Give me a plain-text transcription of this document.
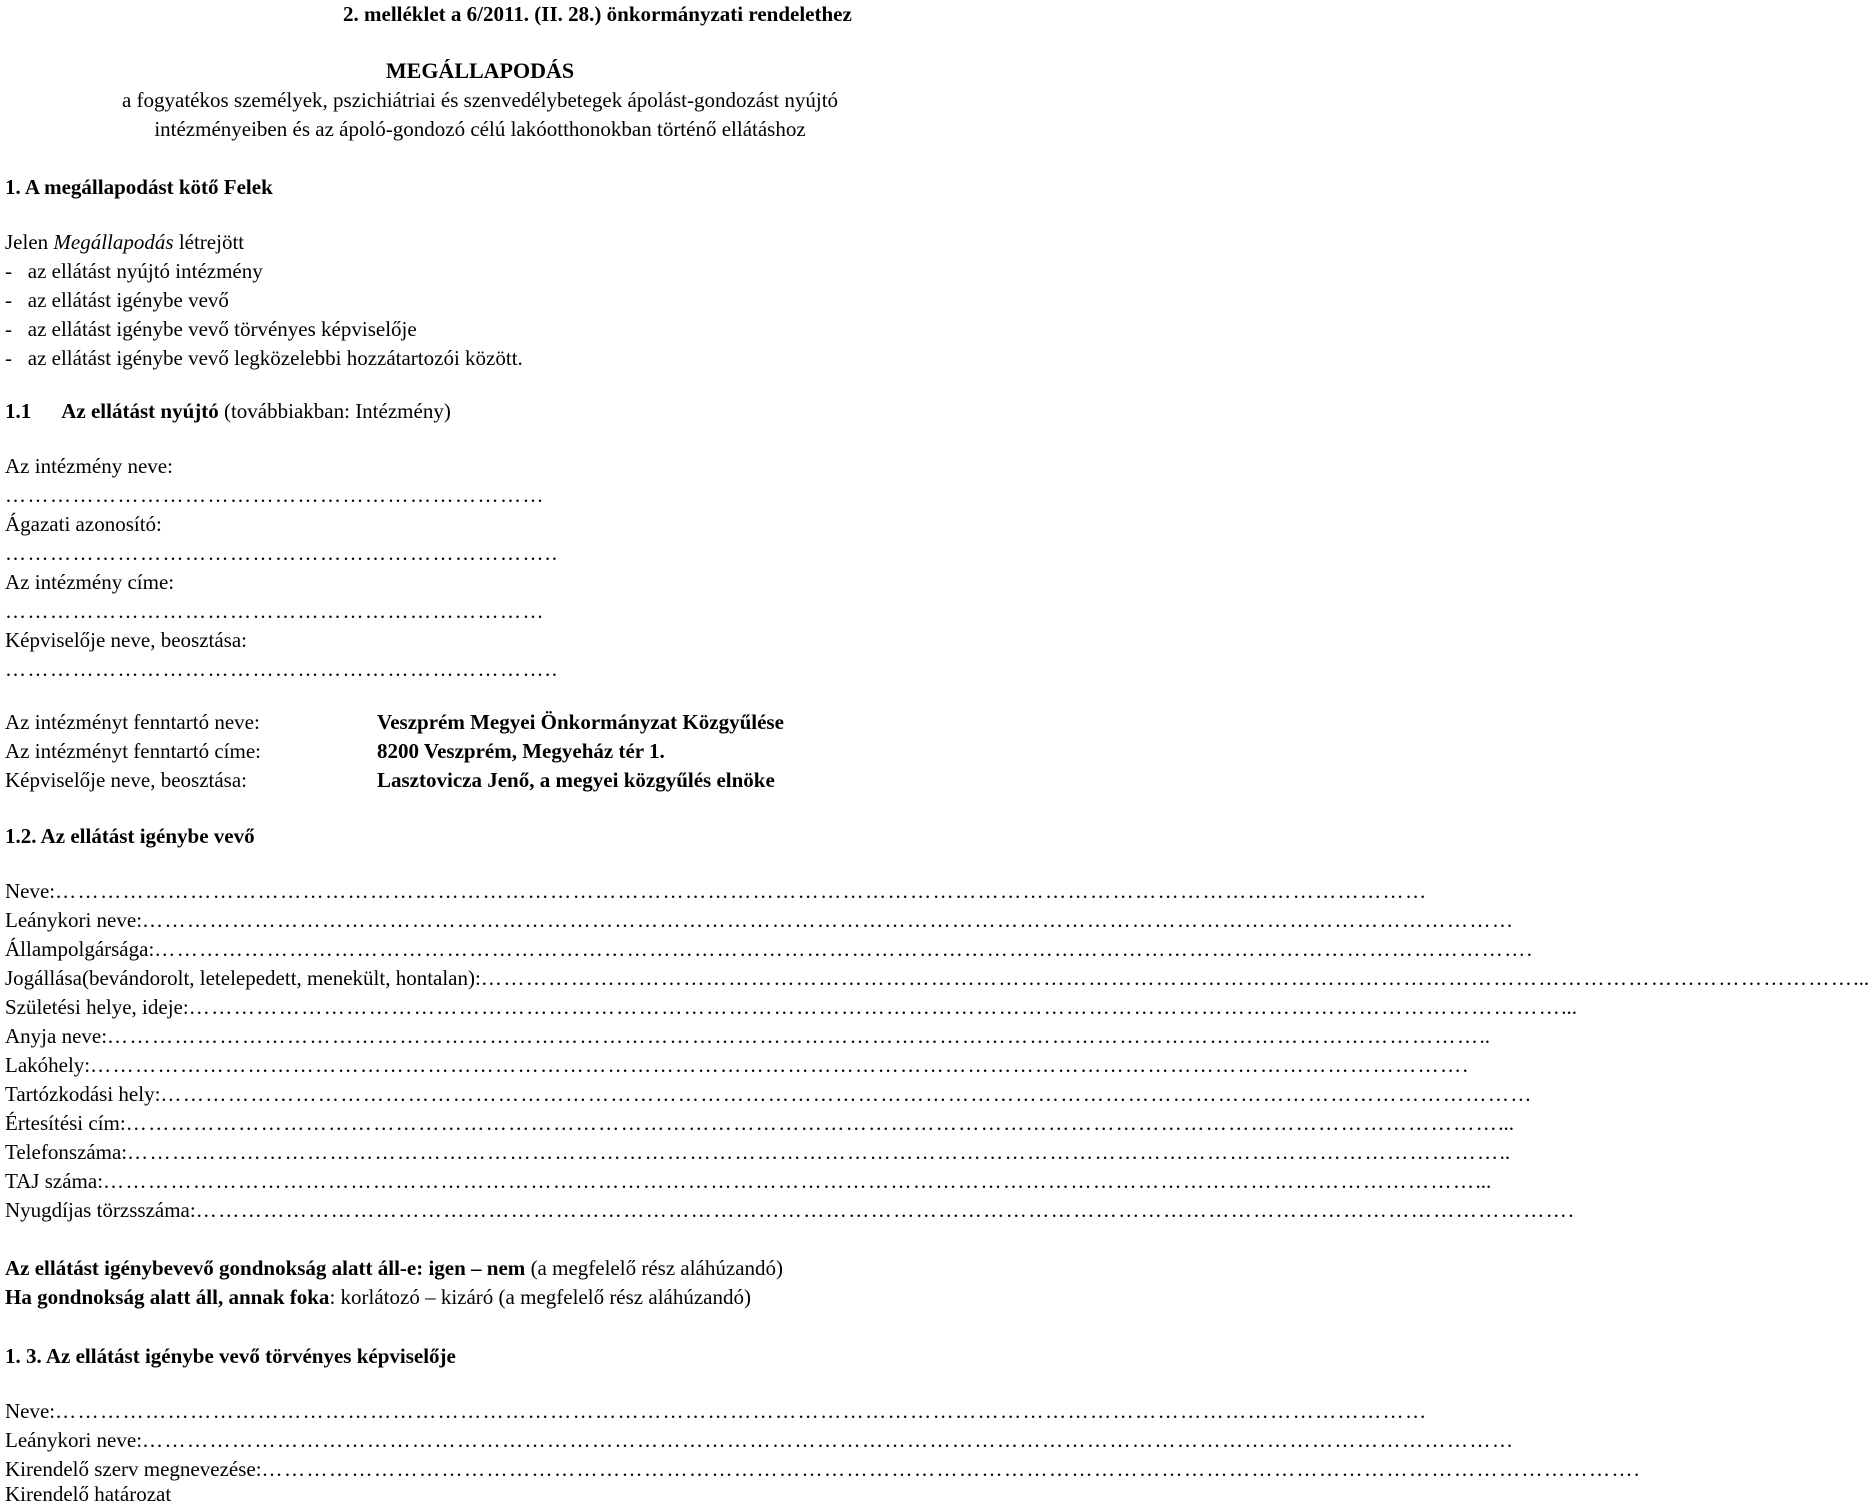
2. melléklet a 6/2011. (II. 28.) önkormányzati rendelethez
MEGÁLLAPODÁS
a fogyatékos személyek, pszichiátriai és szenvedélybetegek ápolást-gondozást nyújtó
intézményeiben és az ápoló-gondozó célú lakóotthonokban történő ellátáshoz
1. A megállapodást kötő Felek
Jelen Megállapodás létrejött
-   az ellátást nyújtó intézmény
-   az ellátást igénybe vevő
-   az ellátást igénybe vevő törvényes képviselője
-   az ellátást igénybe vevő legközelebbi hozzátartozói között.
1.1 Az ellátást nyújtó (továbbiakban: Intézmény)
Az intézmény neve:
………………………………………………………………
Ágazati azonosító:
………………………………………………………………..
Az intézmény címe:
………………………………………………………………
Képviselője neve, beosztása:
………………………………………………………………..
Az intézményt fenntartó neve:	Veszprém Megyei Önkormányzat Közgyűlése
Az intézményt fenntartó címe:	8200 Veszprém, Megyeház tér 1.
Képviselője neve, beosztása:	Lasztovicza Jenő, a megyei közgyűlés elnöke
1.2. Az ellátást igénybe vevő
Neve: …………………………………………………………………………………………………………………………………………………………………
Leánykori neve: …………………………………………………………………………………………………………………………………………………………………
Állampolgársága: ………………………………………………………………………………………………………………………………………………………………… .
Jogállása(bevándorolt, letelepedett, menekült, hontalan): ………………………………………………………………………………………………………………………………………………………………… ...
Születési helye, ideje: ………………………………………………………………………………………………………………………………………………………………… ...
Anyja neve: ………………………………………………………………………………………………………………………………………………………………… ..
Lakóhely: ………………………………………………………………………………………………………………………………………………………………… .
Tartózkodási hely: …………………………………………………………………………………………………………………………………………………………………
Értesítési cím: ………………………………………………………………………………………………………………………………………………………………… ...
Telefonszáma: ………………………………………………………………………………………………………………………………………………………………… ..
TAJ száma: ………………………………………………………………………………………………………………………………………………………………… ...
Nyugdíjas törzsszáma: ………………………………………………………………………………………………………………………………………………………………… .
Az ellátást igénybevevő gondnokság alatt áll-e: igen – nem (a megfelelő rész aláhúzandó)
Ha gondnokság alatt áll, annak foka: korlátozó – kizáró (a megfelelő rész aláhúzandó)
1. 3. Az ellátást igénybe vevő törvényes képviselője
Neve: …………………………………………………………………………………………………………………………………………………………………
Leánykori neve: …………………………………………………………………………………………………………………………………………………………………
Kirendelő szerv megnevezése: ………………………………………………………………………………………………………………………………………………………………… .
Kirendelő határozat
